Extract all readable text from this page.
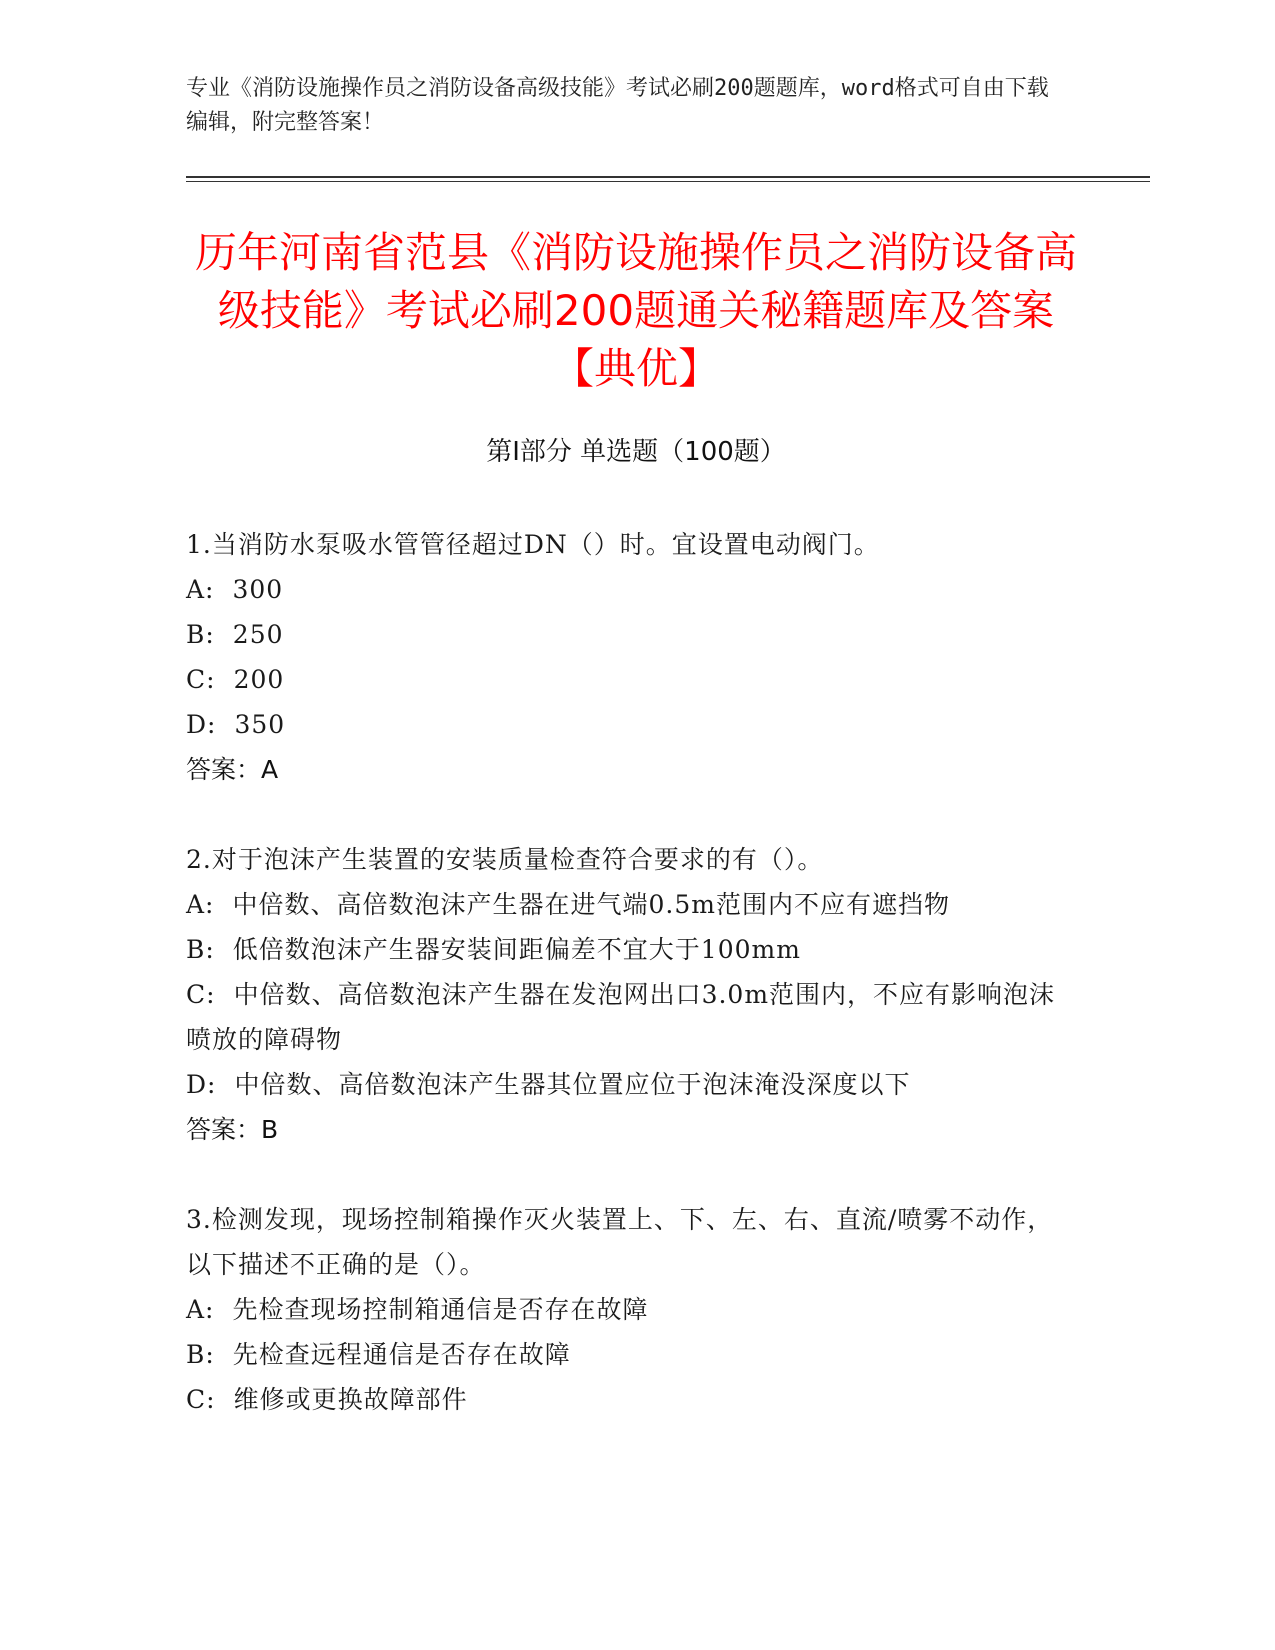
专业《消防设施操作员之消防设备高级技能》考试必刷200题题库，word格式可自由下载编辑，附完整答案！
历年河南省范县《消防设施操作员之消防设备高级技能》考试必刷200题通关秘籍题库及答案【典优】
第Ⅰ部分 单选题（100题）
1.当消防水泵吸水管管径超过DN（）时。宜设置电动阀门。
A: 300
B: 250
C: 200
D: 350
答案：A
2.对于泡沫产生装置的安装质量检查符合要求的有（）。
A: 中倍数、高倍数泡沫产生器在进气端0.5m范围内不应有遮挡物
B: 低倍数泡沫产生器安装间距偏差不宜大于100mm
C: 中倍数、高倍数泡沫产生器在发泡网出口3.0m范围内，不应有影响泡沫喷放的障碍物
D: 中倍数、高倍数泡沫产生器其位置应位于泡沫淹没深度以下
答案：B
3.检测发现，现场控制箱操作灭火装置上、下、左、右、直流/喷雾不动作，以下描述不正确的是（）。
A: 先检查现场控制箱通信是否存在故障
B: 先检查远程通信是否存在故障
C: 维修或更换故障部件
